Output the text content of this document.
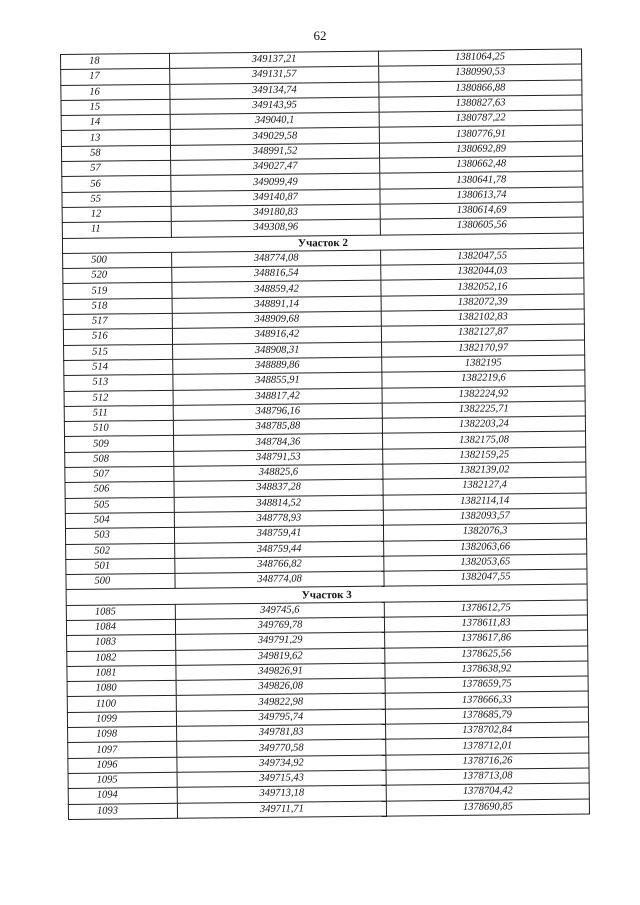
62
18	349137,21	1381064,25
17	349131,57	1380990,53
16	349134,74	1380866,88
15	349143,95	1380827,63
14	349040,1	1380787,22
13	349029,58	1380776,91
58	348991,52	1380692,89
57	349027,47	1380662,48
56	349099,49	1380641,78
55	349140,87	1380613,74
12	349180,83	1380614,69
11	349308,96	1380605,56
Участок 2		
500	348774,08	1382047,55
520	348816,54	1382044,03
519	348859,42	1382052,16
518	348891,14	1382072,39
517	348909,68	1382102,83
516	348916,42	1382127,87
515	348908,31	1382170,97
514	348889,86	1382195
513	348855,91	1382219,6
512	348817,42	1382224,92
511	348796,16	1382225,71
510	348785,88	1382203,24
509	348784,36	1382175,08
508	348791,53	1382159,25
507	348825,6	1382139,02
506	348837,28	1382127,4
505	348814,52	1382114,14
504	348778,93	1382093,57
503	348759,41	1382076,3
502	348759,44	1382063,66
501	348766,82	1382053,65
500	348774,08	1382047,55
Участок 3		
1085	349745,6	1378612,75
1084	349769,78	1378611,83
1083	349791,29	1378617,86
1082	349819,62	1378625,56
1081	349826,91	1378638,92
1080	349826,08	1378659,75
1100	349822,98	1378666,33
1099	349795,74	1378685,79
1098	349781,83	1378702,84
1097	349770,58	1378712,01
1096	349734,92	1378716,26
1095	349715,43	1378713,08
1094	349713,18	1378704,42
1093	349711,71	1378690,85
